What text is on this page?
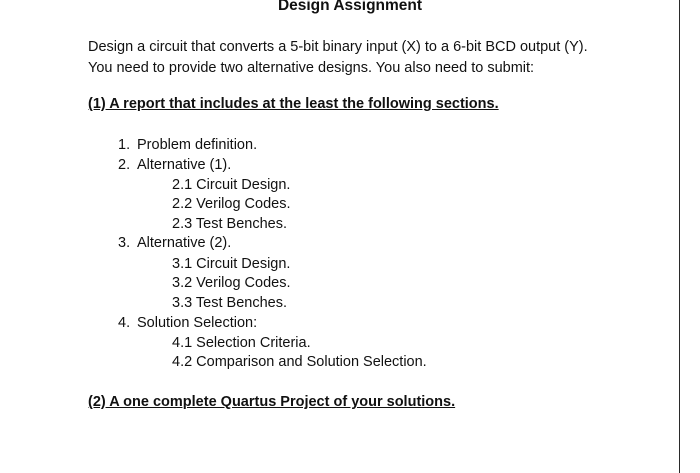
Design Assignment
Design a circuit that converts a 5-bit binary input (X) to a 6-bit BCD output (Y).
You need to provide two alternative designs. You also need to submit:
(1) A report that includes at the least the following sections.
1. Problem definition.
2. Alternative (1).
2.1 Circuit Design.
2.2 Verilog Codes.
2.3 Test Benches.
3. Alternative (2).
3.1 Circuit Design.
3.2 Verilog Codes.
3.3 Test Benches.
4. Solution Selection:
4.1 Selection Criteria.
4.2 Comparison and Solution Selection.
(2) A one complete Quartus Project of your solutions.
